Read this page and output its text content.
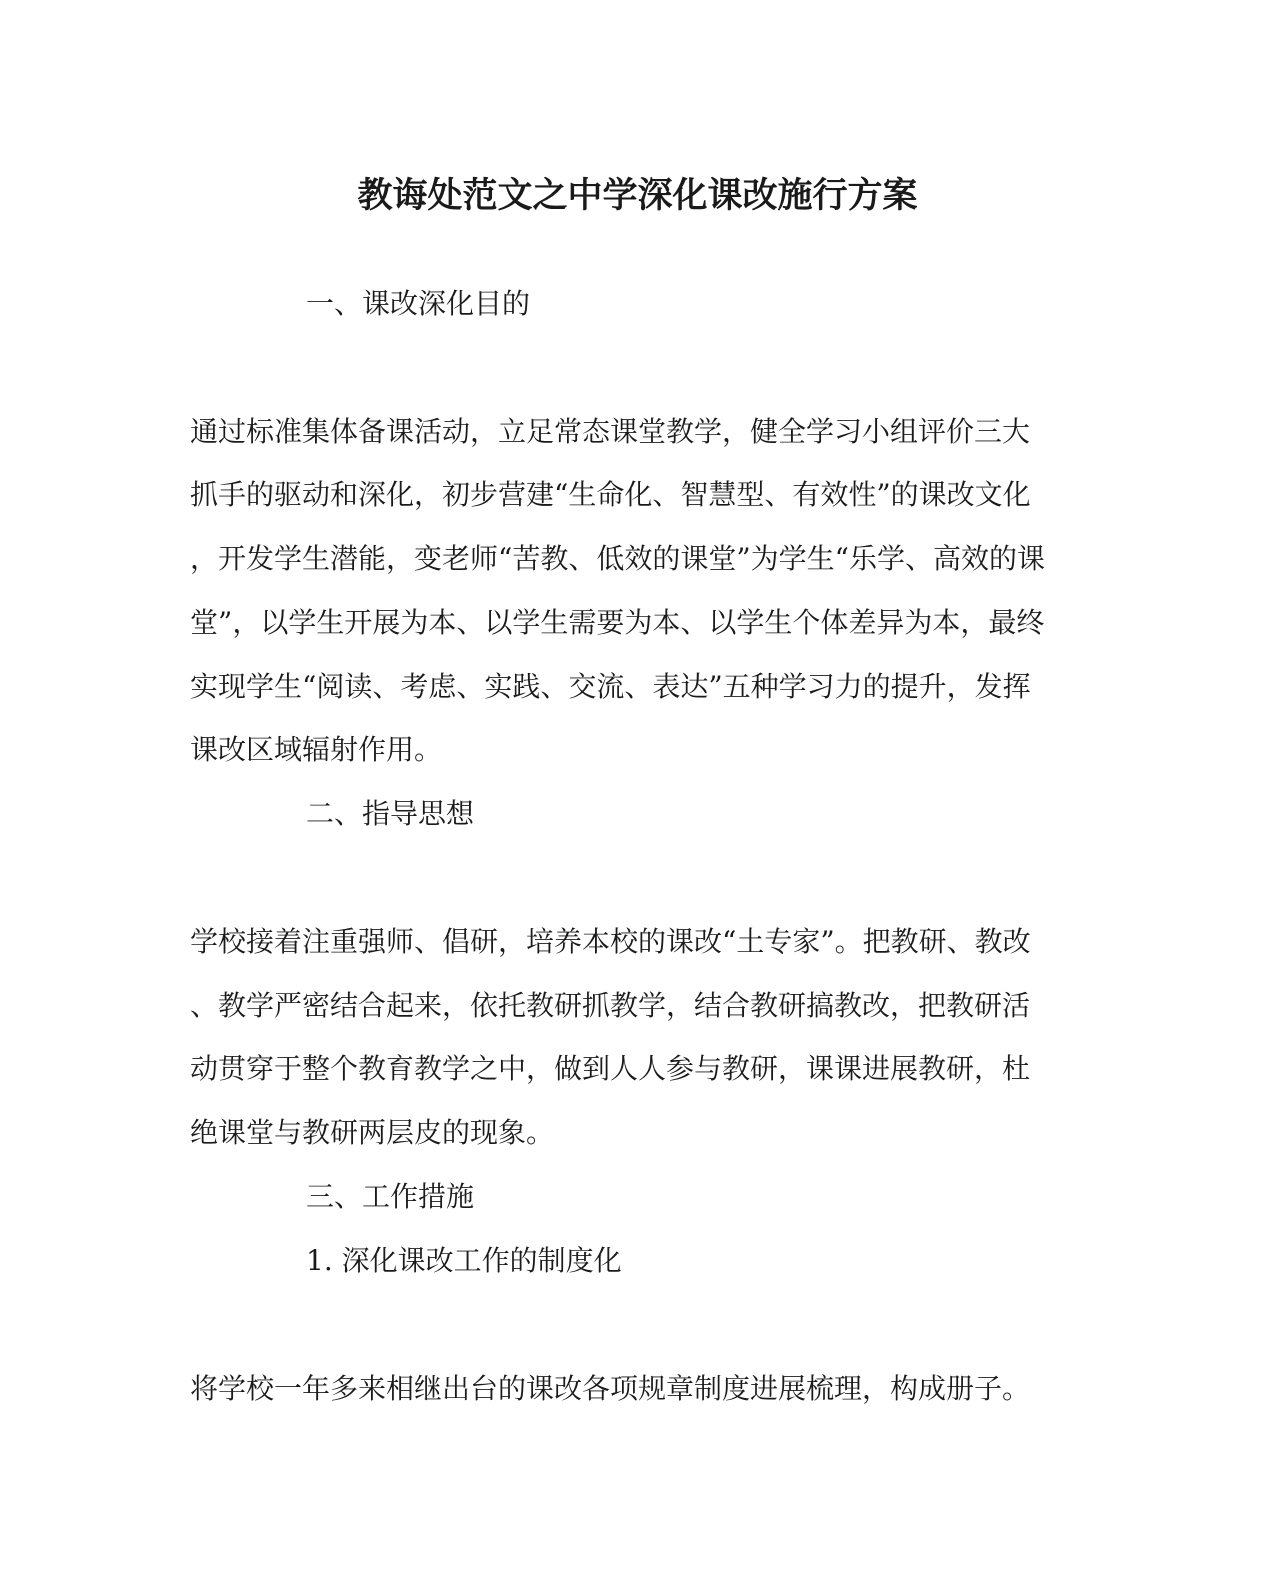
教诲处范文之中学深化课改施行方案
一、课改深化目的
通过标准集体备课活动，立足常态课堂教学，健全学习小组评价三大
抓手的驱动和深化，初步营建“生命化、智慧型、有效性”的课改文化
，开发学生潜能，变老师“苦教、低效的课堂”为学生“乐学、高效的课
堂”，以学生开展为本、以学生需要为本、以学生个体差异为本，最终
实现学生“阅读、考虑、实践、交流、表达”五种学习力的提升，发挥
课改区域辐射作用。
二、指导思想
学校接着注重强师、倡研，培养本校的课改“土专家”。把教研、教改
、教学严密结合起来，依托教研抓教学，结合教研搞教改，把教研活
动贯穿于整个教育教学之中，做到人人参与教研，课课进展教研，杜
绝课堂与教研两层皮的现象。
三、工作措施
1. 深化课改工作的制度化
将学校一年多来相继出台的课改各项规章制度进展梳理，构成册子。
